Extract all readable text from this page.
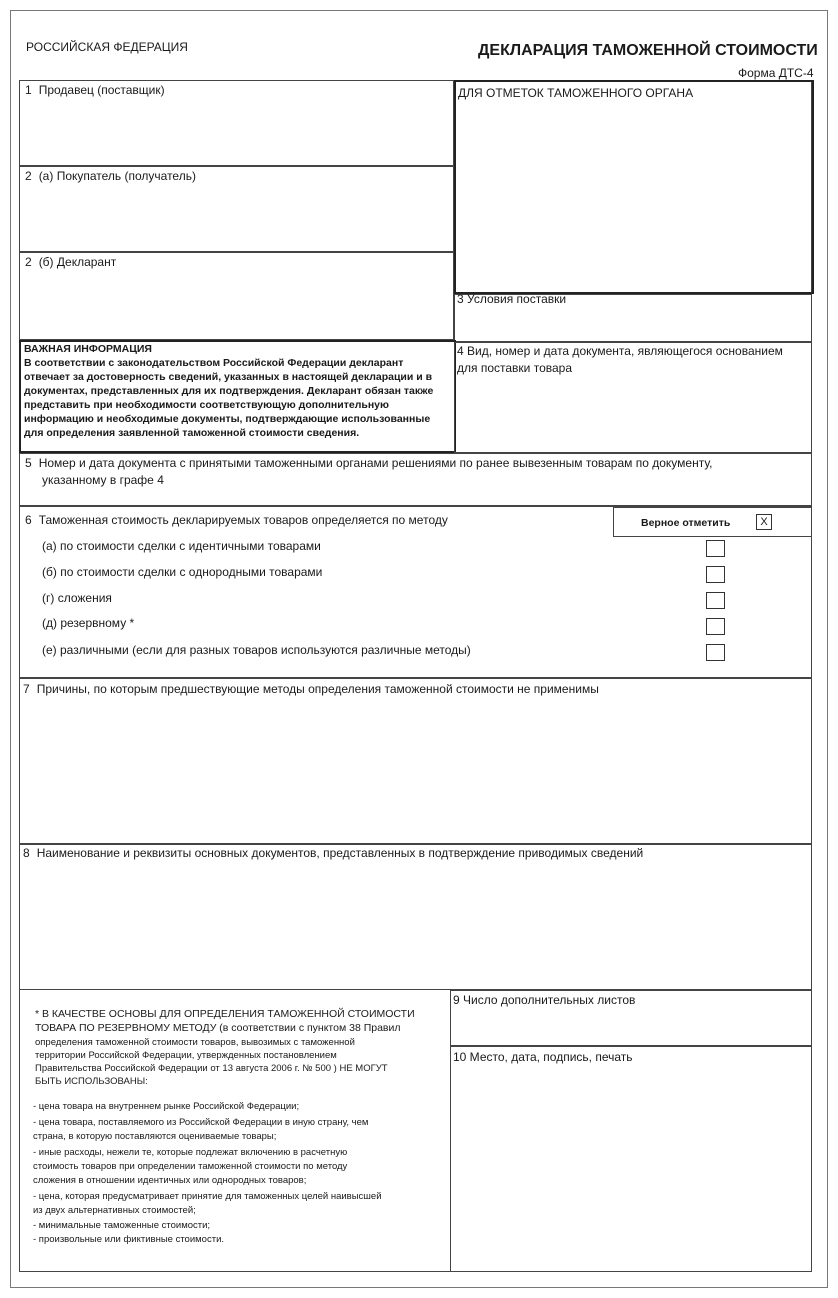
РОССИЙСКАЯ ФЕДЕРАЦИЯ	ДЕКЛАРАЦИЯ ТАМОЖЕННОЙ СТОИМОСТИ
Форма ДТС-4
1 Продавец (поставщик)
2 (а) Покупатель (получатель)
2 (б) Декларант
ДЛЯ ОТМЕТОК ТАМОЖЕННОГО ОРГАНА
3 Условия поставки
ВАЖНАЯ ИНФОРМАЦИЯ
В соответствии с законодательством Российской Федерации декларант
отвечает за достоверность сведений, указанных в настоящей декларации и в
документах, представленных для их подтверждения. Декларант обязан также
представить при необходимости соответствующую дополнительную
информацию и необходимые документы, подтверждающие использованные
для определения заявленной таможенной стоимости сведения.
4 Вид, номер и дата документа, являющегося основанием
для поставки товара
5 Номер и дата документа с принятыми таможенными органами решениями по ранее вывезенным товарам по документу,
указанному в графе 4
6 Таможенная стоимость декларируемых товаров определяется по методу
(а) по стоимости сделки с идентичными товарами
(б) по стоимости сделки с однородными товарами
(г) сложения
(д) резервному *
(е) различными (если для разных товаров используются различные методы)
Верное отметить	X
7 Причины, по которым предшествующие методы определения таможенной стоимости не применимы
8 Наименование и реквизиты основных документов, представленных в подтверждение приводимых сведений
* В КАЧЕСТВЕ ОСНОВЫ ДЛЯ ОПРЕДЕЛЕНИЯ ТАМОЖЕННОЙ СТОИМОСТИ
ТОВАРА ПО РЕЗЕРВНОМУ МЕТОДУ (в соответствии с пунктом 38 Правил
определения таможенной стоимости товаров, вывозимых с таможенной
территории Российской Федерации, утвержденных постановлением
Правительства Российской Федерации от 13 августа 2006 г. № 500 ) НЕ МОГУТ
БЫТЬ ИСПОЛЬЗОВАНЫ:
- цена товара на внутреннем рынке Российской Федерации;
- цена товара, поставляемого из Российской Федерации в иную страну, чем
страна, в которую поставляются оцениваемые товары;
- иные расходы, нежели те, которые подлежат включению в расчетную
стоимость товаров при определении таможенной стоимости по методу
сложения в отношении идентичных или однородных товаров;
- цена, которая предусматривает принятие для таможенных целей наивысшей
из двух альтернативных стоимостей;
- минимальные таможенные стоимости;
- произвольные или фиктивные стоимости.
9 Число дополнительных листов
10 Место, дата, подпись, печать
